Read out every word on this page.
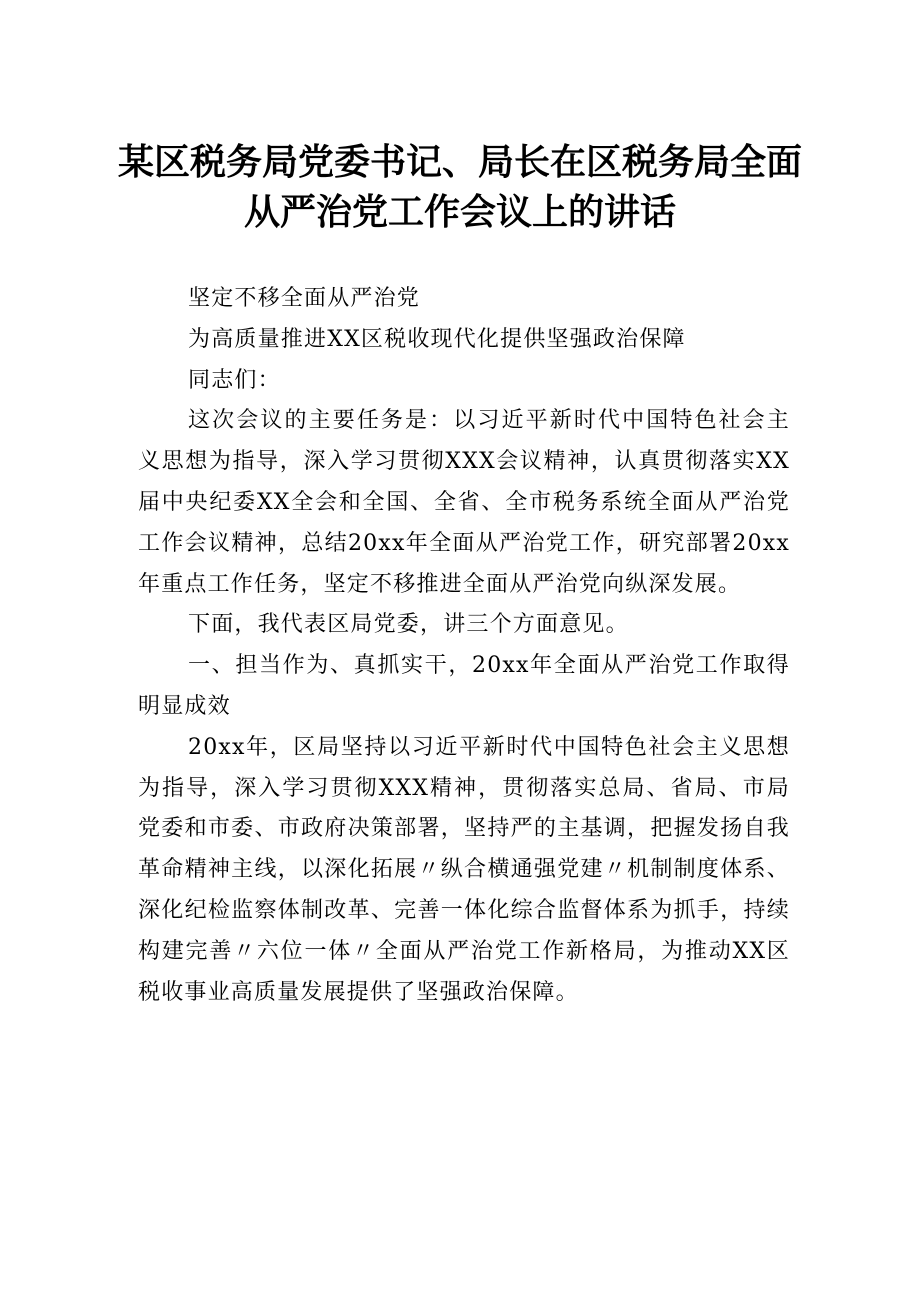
某区税务局党委书记、局长在区税务局全面
从严治党工作会议上的讲话

坚定不移全面从严治党

为高质量推进XX区税收现代化提供坚强政治保障

同志们：

这次会议的主要任务是：以习近平新时代中国特色社会主义思想为指导，深入学习贯彻XXX会议精神，认真贯彻落实XX届中央纪委XX全会和全国、全省、全市税务系统全面从严治党工作会议精神，总结20xx年全面从严治党工作，研究部署20xx年重点工作任务，坚定不移推进全面从严治党向纵深发展。

下面，我代表区局党委，讲三个方面意见。

一、担当作为、真抓实干，20xx年全面从严治党工作取得明显成效

20xx年，区局坚持以习近平新时代中国特色社会主义思想为指导，深入学习贯彻XXX精神，贯彻落实总局、省局、市局党委和市委、市政府决策部署，坚持严的主基调，把握发扬自我革命精神主线，以深化拓展〃纵合横通强党建〃机制制度体系、深化纪检监察体制改革、完善一体化综合监督体系为抓手，持续构建完善〃六位一体〃全面从严治党工作新格局，为推动XX区税收事业高质量发展提供了坚强政治保障。
